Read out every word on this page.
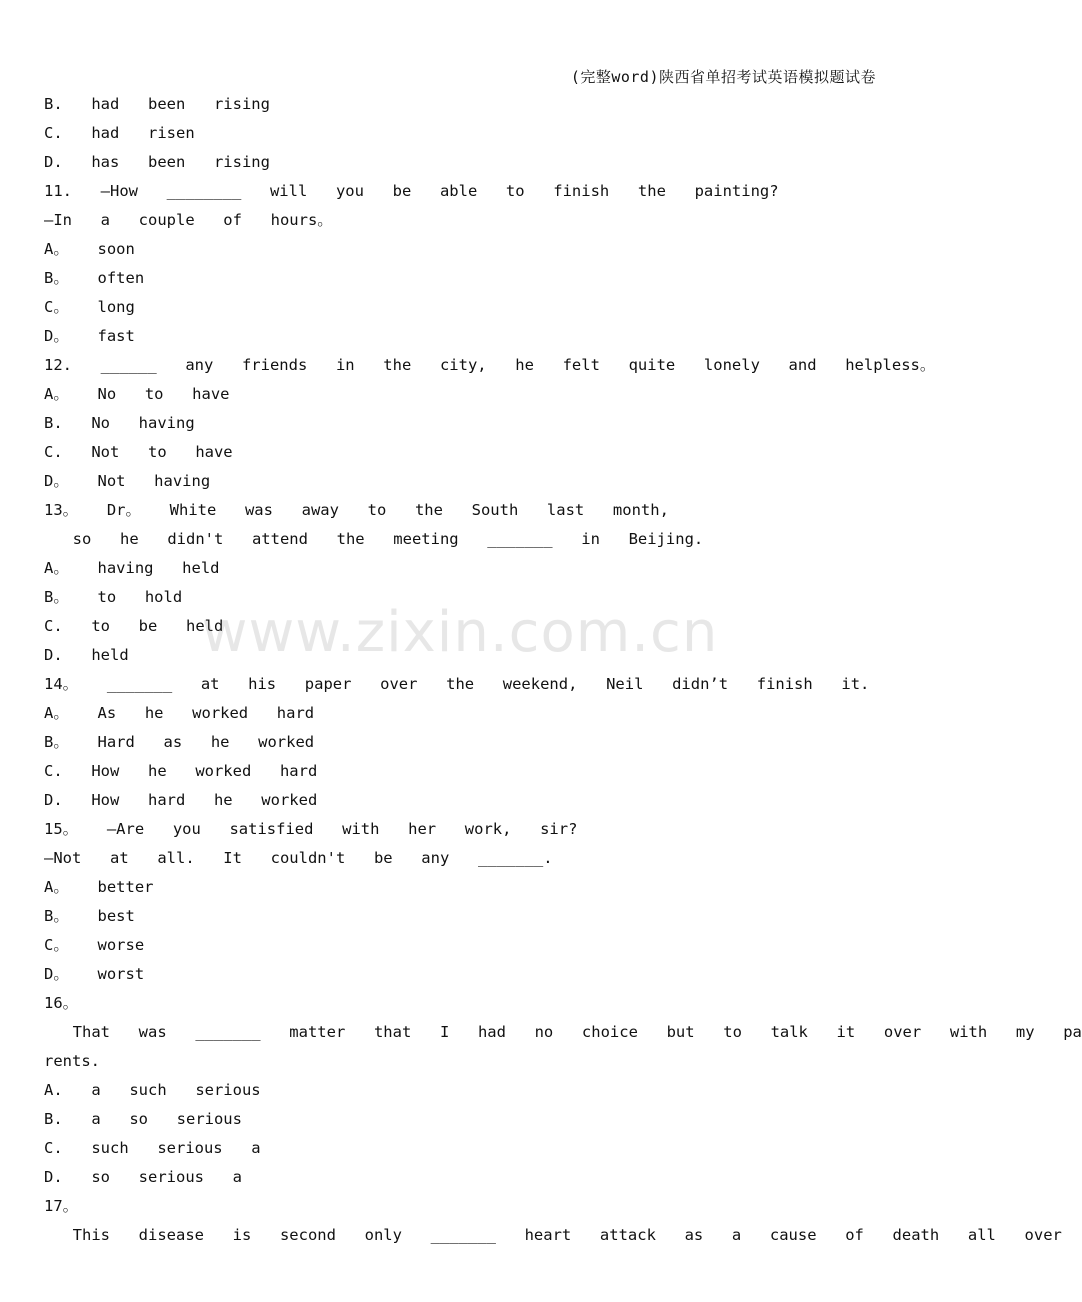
(完整word)陕西省单招考试英语模拟题试卷
B.  had  been  rising
C.  had  risen
D.  has  been  rising
11.  —How  ________  will  you  be  able  to  finish  the  painting?
—In  a  couple  of  hours。
A。  soon
B。  often
C。  long
D。  fast
12.  ______  any  friends  in  the  city,  he  felt  quite  lonely  and  helpless。
A。  No  to  have
B.  No  having
C.  Not  to  have
D。  Not  having
13。  Dr。  White  was  away  to  the  South  last  month,
so  he  didn't  attend  the  meeting  _______  in  Beijing.
A。  having  held
B。  to  hold
C.  to  be  held
D.  held
14。  _______  at  his  paper  over  the  weekend,  Neil  didn’t  finish  it.
A。  As  he  worked  hard
B。  Hard  as  he  worked
C.  How  he  worked  hard
D.  How  hard  he  worked
15。  —Are  you  satisfied  with  her  work,  sir?
—Not  at  all.  It  couldn't  be  any  _______.
A。  better
B。  best
C。  worse
D。  worst
16。
That  was  _______  matter  that  I  had  no  choice  but  to  talk  it  over  with  my  pa
rents.
A.  a  such  serious
B.  a  so  serious
C.  such  serious  a
D.  so  serious  a
17。
This  disease  is  second  only  _______  heart  attack  as  a  cause  of  death  all  over
www.zixin.com.cn
